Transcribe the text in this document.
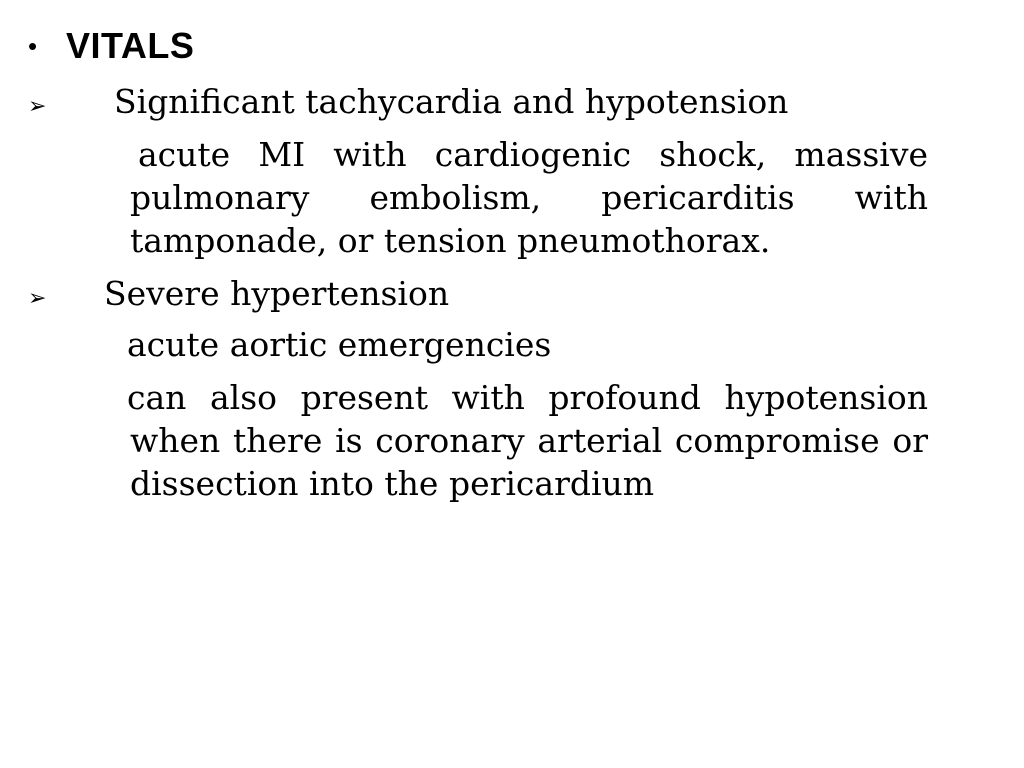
• VITALS
➢	Significant tachycardia and hypotension

acute MI with cardiogenic shock, massive pulmonary embolism, pericarditis with tamponade, or tension pneumothorax.

➢	Severe hypertension

acute aortic emergencies

can also present with profound hypotension when there is coronary arterial compromise or dissection into the pericardium
